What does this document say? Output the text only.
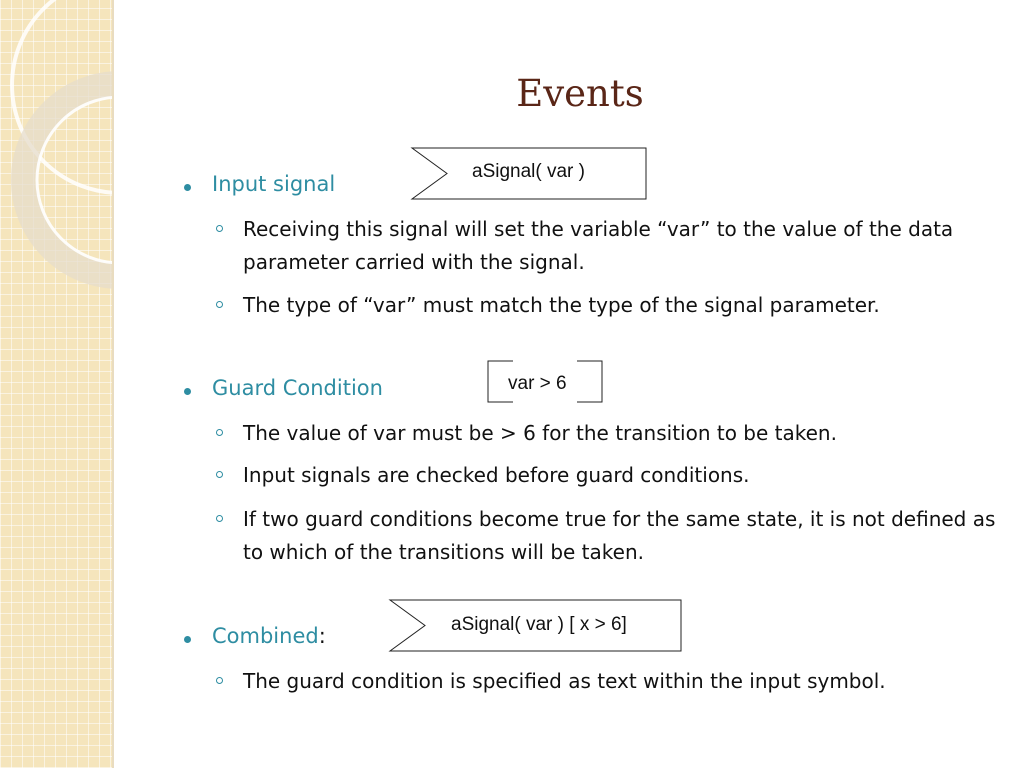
Events
Input signal
aSignal( var )
Receiving this signal will set the variable “var” to the value of the data parameter carried with the signal.
The type of “var” must match the type of the signal parameter.
Guard Condition	var > 6
The value of var must be > 6 for the transition to be taken.
Input signals are checked before guard conditions.
If two guard conditions become true for the same state, it is not defined as to which of the transitions will be taken.
Combined:	aSignal( var ) [ x > 6]
The guard condition is specified as text within the input symbol.
